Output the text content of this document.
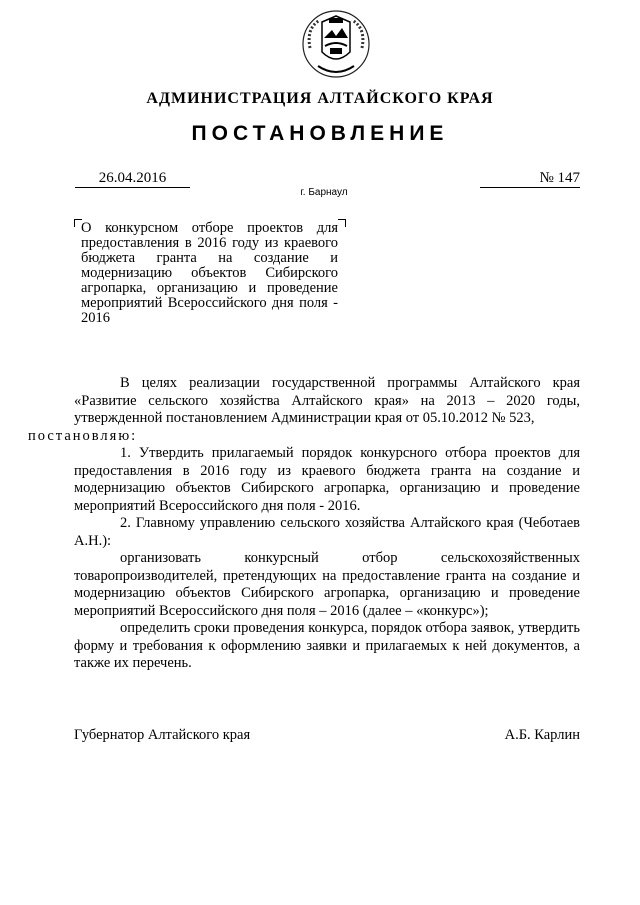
АДМИНИСТРАЦИЯ АЛТАЙСКОГО КРАЯ
ПОСТАНОВЛЕНИЕ
26.04.2016	№ 147
г. Барнаул
О конкурсном отборе проектов для предоставления в 2016 году из краевого бюджета гранта на создание и модернизацию объектов Сибирского агропарка, организацию и проведение мероприятий Всероссийского дня поля - 2016

В целях реализации государственной программы Алтайского края «Развитие сельского хозяйства Алтайского края» на 2013 – 2020 годы, утвержденной постановлением Администрации края от 05.10.2012 № 523,
постановляю:

1. Утвердить прилагаемый порядок конкурсного отбора проектов для предоставления в 2016 году из краевого бюджета гранта на создание и модернизацию объектов Сибирского агропарка, организацию и проведение мероприятий Всероссийского дня поля - 2016.

2. Главному управлению сельского хозяйства Алтайского края (Чеботаев А.Н.):

организовать конкурсный отбор сельскохозяйственных товаропроизводителей, претендующих на предоставление гранта на создание и модернизацию объектов Сибирского агропарка, организацию и проведение мероприятий Всероссийского дня поля – 2016 (далее – «конкурс»);

определить сроки проведения конкурса, порядок отбора заявок, утвердить форму и требования к оформлению заявки и прилагаемых к ней документов, а также их перечень.

Губернатор Алтайского края	А.Б. Карлин
